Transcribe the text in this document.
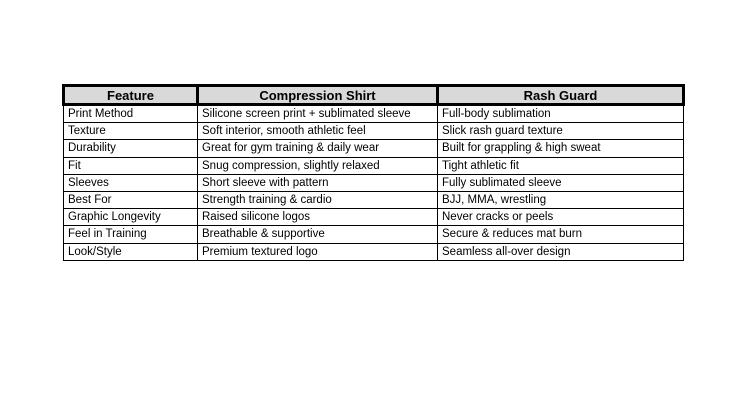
Feature	Compression Shirt	Rash Guard
Print Method	Silicone screen print + sublimated sleeve	Full-body sublimation
Texture	Soft interior, smooth athletic feel	Slick rash guard texture
Durability	Great for gym training & daily wear	Built for grappling & high sweat
Fit	Snug compression, slightly relaxed	Tight athletic fit
Sleeves	Short sleeve with pattern	Fully sublimated sleeve
Best For	Strength training & cardio	BJJ, MMA, wrestling
Graphic Longevity	Raised silicone logos	Never cracks or peels
Feel in Training	Breathable & supportive	Secure & reduces mat burn
Look/Style	Premium textured logo	Seamless all-over design
